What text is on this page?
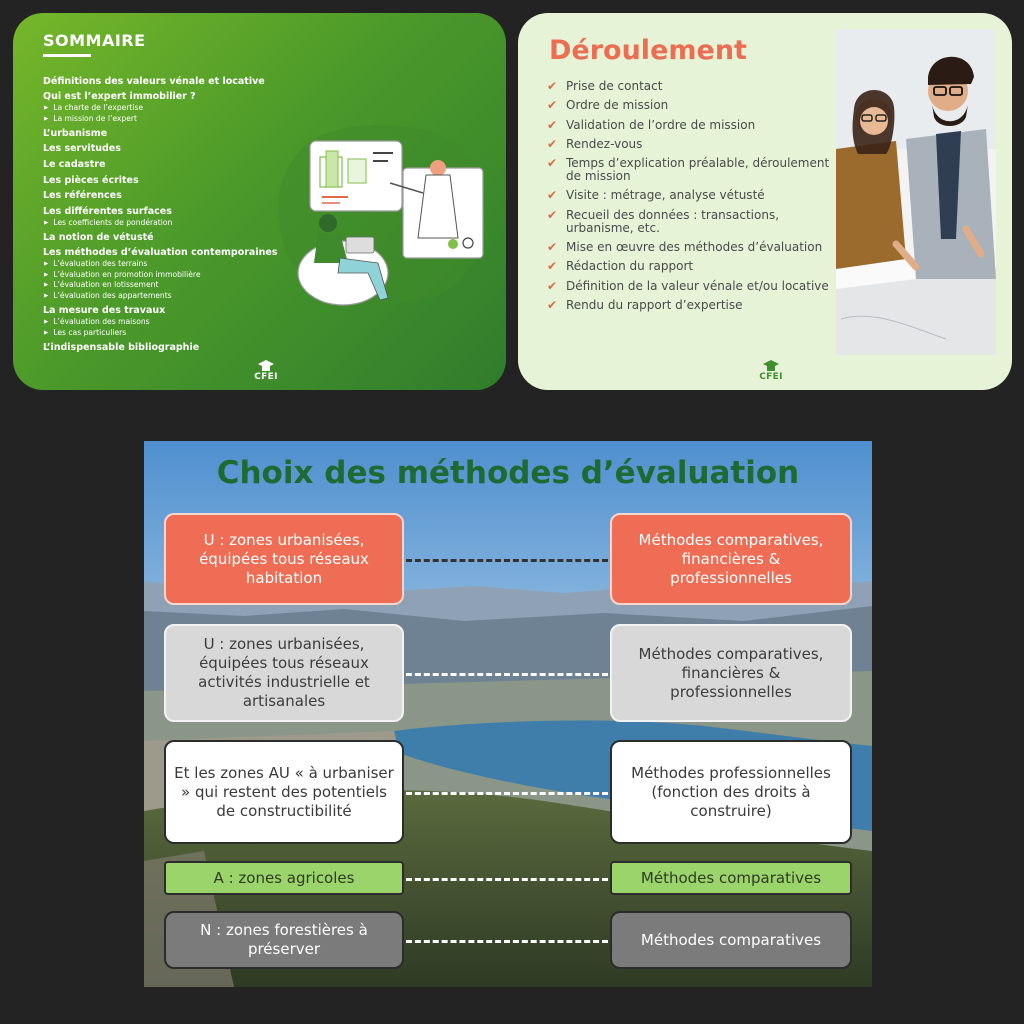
SOMMAIRE
Définitions des valeurs vénale et locative
Qui est l’expert immobilier ?
▶ La charte de l’expertise
▶ La mission de l’expert
L’urbanisme
Les servitudes
Le cadastre
Les pièces écrites
Les références
Les différentes surfaces
▶ Les coefficients de pondération
La notion de vétusté
Les méthodes d’évaluation contemporaines
▶ L’évaluation des terrains
▶ L’évaluation en promotion immobilière
▶ L’évaluation en lotissement
▶ L’évaluation des appartements
La mesure des travaux
▶ L’évaluation des maisons
▶ Les cas particuliers
L’indispensable bibliographie
CFEI
Déroulement
✔ Prise de contact
✔ Ordre de mission
✔ Validation de l’ordre de mission
✔ Rendez-vous
✔ Temps d’explication préalable, déroulement de mission
✔ Visite : métrage, analyse vétusté
✔ Recueil des données : transactions, urbanisme, etc.
✔ Mise en œuvre des méthodes d’évaluation
✔ Rédaction du rapport
✔ Définition de la valeur vénale et/ou locative
✔ Rendu du rapport d’expertise
CFEI
Choix des méthodes d’évaluation
U : zones urbanisées, équipées tous réseaux habitation
Méthodes comparatives, financières & professionnelles
U : zones urbanisées, équipées tous réseaux activités industrielle et artisanales
Méthodes comparatives, financières & professionnelles
Et les zones AU « à urbaniser » qui restent des potentiels de constructibilité
Méthodes professionnelles (fonction des droits à construire)
A : zones agricoles	Méthodes comparatives
N : zones forestières à préserver
Méthodes comparatives
